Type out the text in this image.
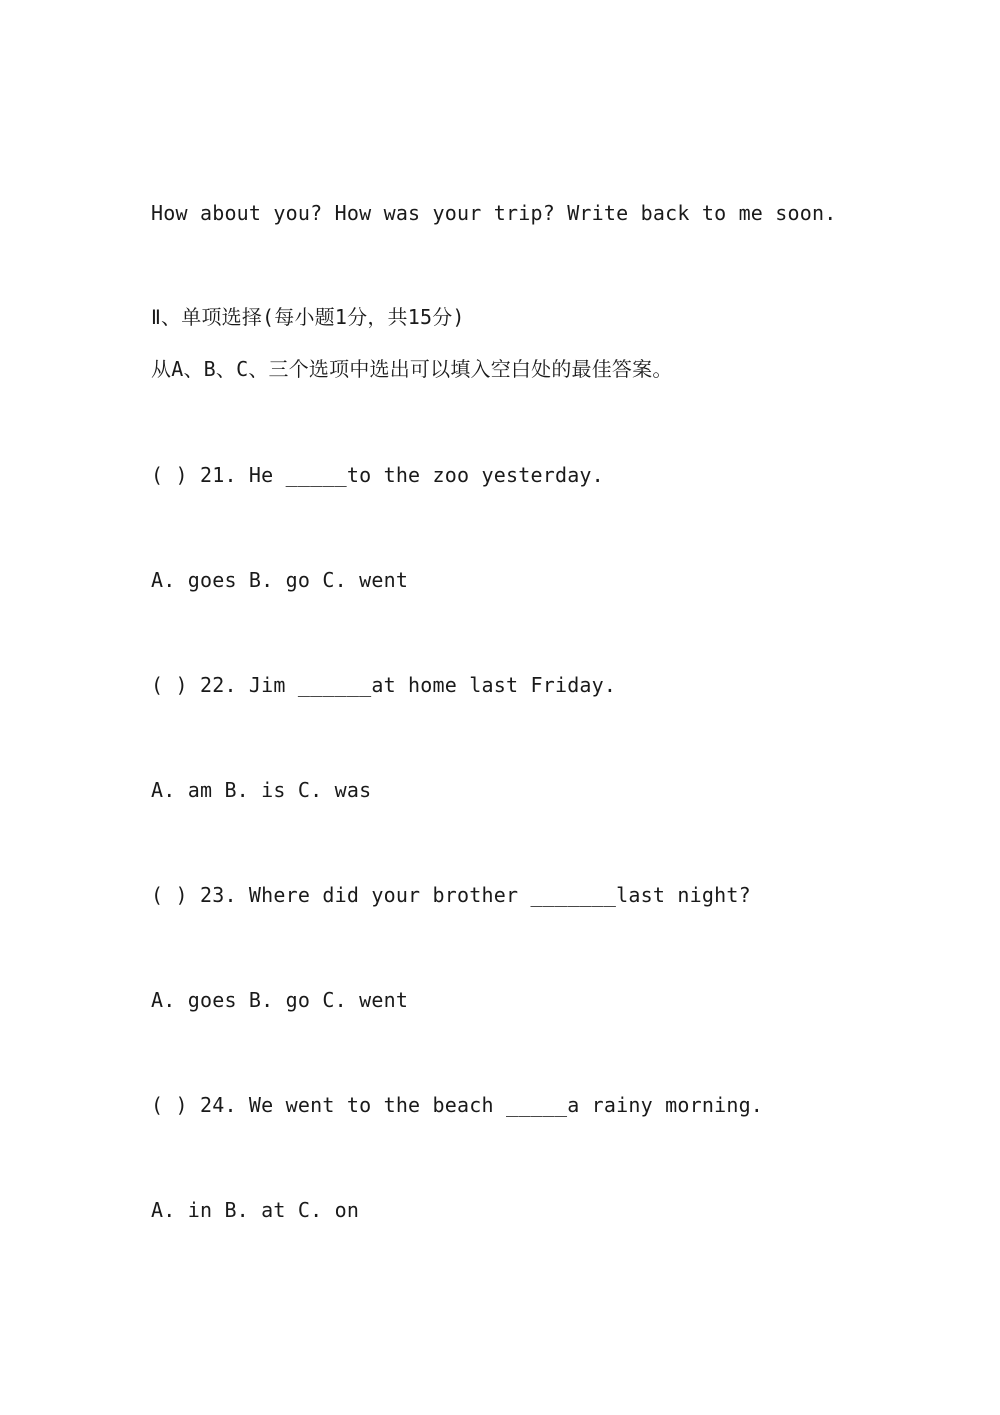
How about you? How was your trip? Write back to me soon.
Ⅱ、单项选择(每小题1分，共15分)
从A、B、C、三个选项中选出可以填入空白处的最佳答案。
( ) 21. He _____to the zoo yesterday.
A. goes B. go C. went
( ) 22. Jim ______at home last Friday.
A. am B. is C. was
( ) 23. Where did your brother _______last night?
A. goes B. go C. went
( ) 24. We went to the beach _____a rainy morning.
A. in B. at C. on
